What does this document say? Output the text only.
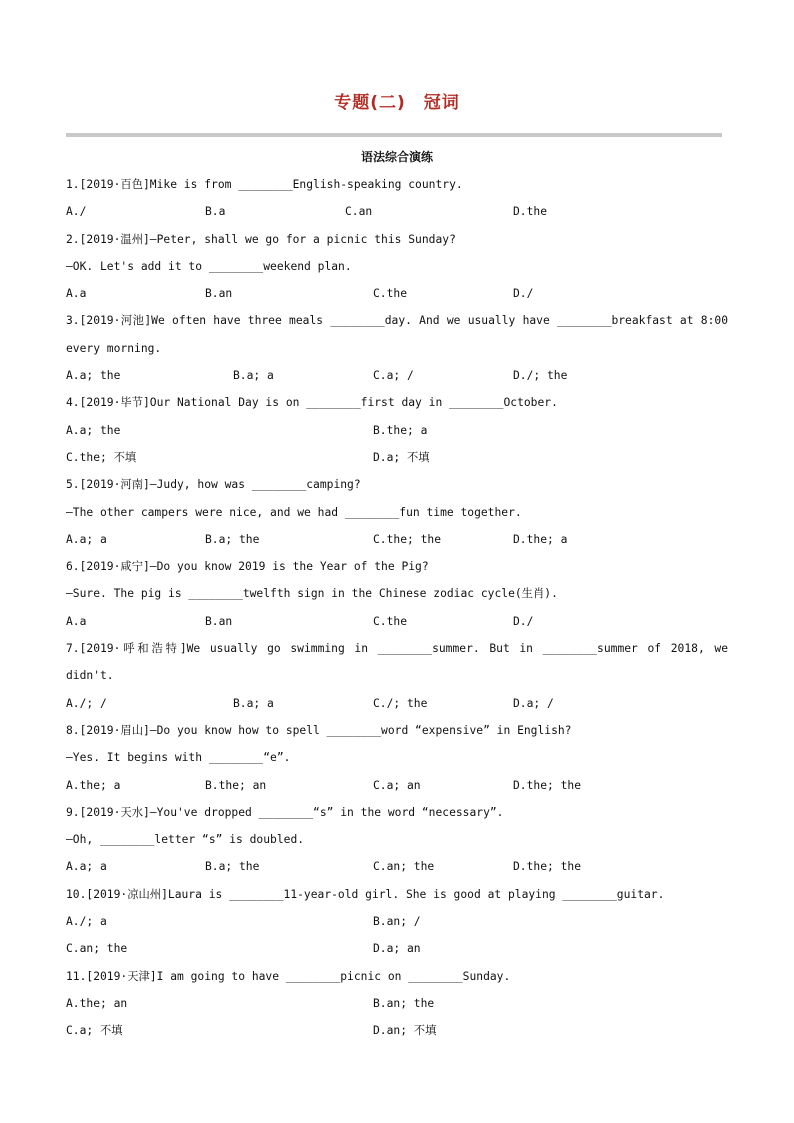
专题(二)　冠词
语法综合演练
1.[2019·百色]Mike is from ________English-speaking country.
A./	B.a	C.an	D.the
2.[2019·温州]—Peter, shall we go for a picnic this Sunday?
—OK. Let's add it to ________weekend plan.
A.a	B.an	C.the	D./
3.[2019·河池]We often have three meals ________day. And we usually have ________breakfast at 8:00 every morning.
A.a; the	B.a; a	C.a; /	D./; the
4.[2019·毕节]Our National Day is on ________first day in ________October.
A.a; the	B.the; a
C.the; 不填	D.a; 不填
5.[2019·河南]—Judy, how was ________camping?
—The other campers were nice, and we had ________fun time together.
A.a; a	B.a; the	C.the; the	D.the; a
6.[2019·咸宁]—Do you know 2019 is the Year of the Pig?
—Sure. The pig is ________twelfth sign in the Chinese zodiac cycle(生肖).
A.a	B.an	C.the	D./
7.[2019·呼和浩特]We usually go swimming in ________summer. But in ________summer of 2018, we didn't.
A./; /	B.a; a	C./; the	D.a; /
8.[2019·眉山]—Do you know how to spell ________word “expensive” in English?
—Yes. It begins with ________“e”.
A.the; a	B.the; an	C.a; an	D.the; the
9.[2019·天水]—You've dropped ________“s” in the word “necessary”.
—Oh, ________letter “s” is doubled.
A.a; a	B.a; the	C.an; the	D.the; the
10.[2019·凉山州]Laura is ________11-year-old girl. She is good at playing ________guitar.
A./; a	B.an; /
C.an; the	D.a; an
11.[2019·天津]I am going to have ________picnic on ________Sunday.
A.the; an	B.an; the
C.a; 不填	D.an; 不填
